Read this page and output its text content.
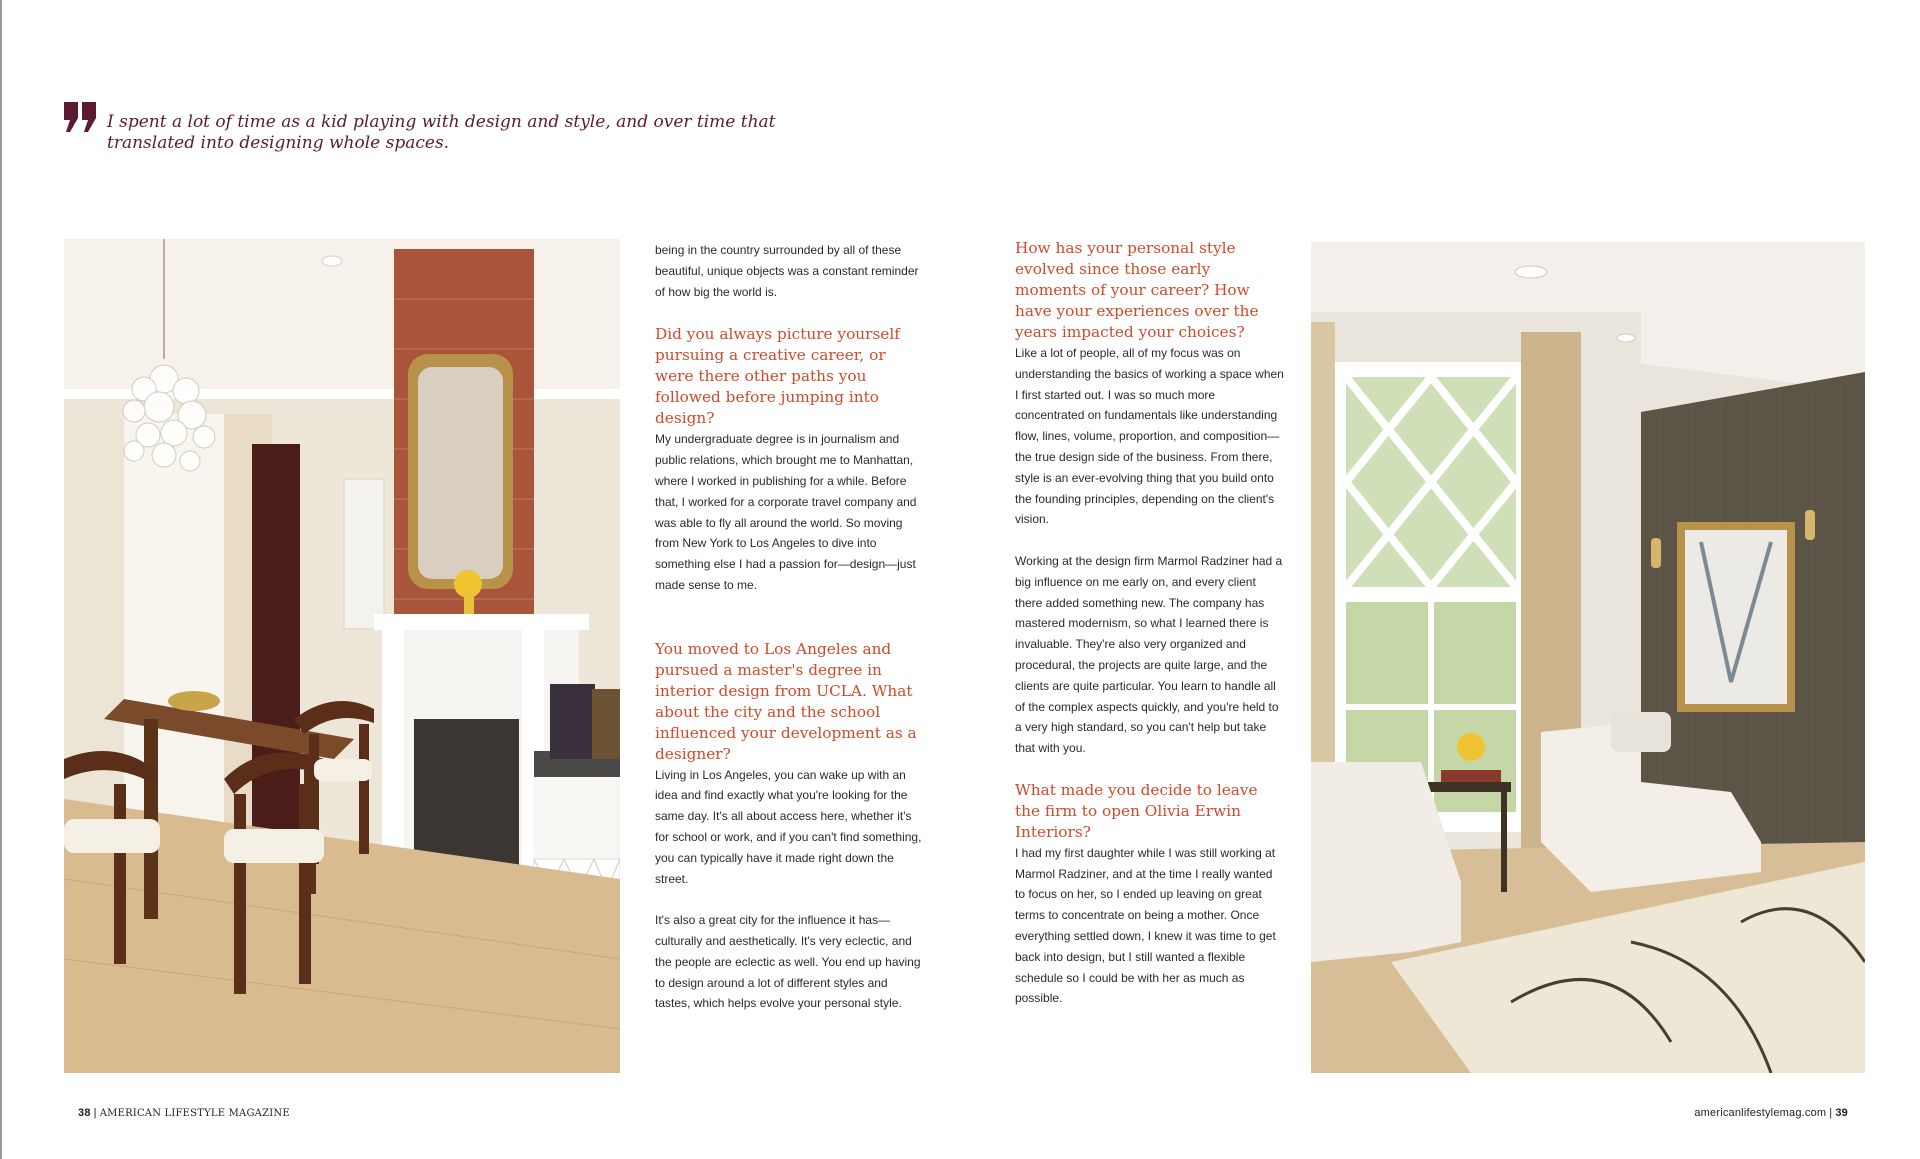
I spent a lot of time as a kid playing with design and style, and over time that translated into designing whole spaces.

being in the country surrounded by all of these beautiful, unique objects was a constant reminder of how big the world is.

Did you always picture yourself pursuing a creative career, or were there other paths you followed before jumping into design?

My undergraduate degree is in journalism and public relations, which brought me to Manhattan, where I worked in publishing for a while. Before that, I worked for a corporate travel company and was able to fly all around the world. So moving from New York to Los Angeles to dive into something else I had a passion for—design—just made sense to me.

You moved to Los Angeles and pursued a master's degree in interior design from UCLA. What about the city and the school influenced your development as a designer?

Living in Los Angeles, you can wake up with an idea and find exactly what you're looking for the same day. It's all about access here, whether it's for school or work, and if you can't find something, you can typically have it made right down the street.

It's also a great city for the influence it has—culturally and aesthetically. It's very eclectic, and the people are eclectic as well. You end up having to design around a lot of different styles and tastes, which helps evolve your personal style.

How has your personal style evolved since those early moments of your career? How have your experiences over the years impacted your choices?

Like a lot of people, all of my focus was on understanding the basics of working a space when I first started out. I was so much more concentrated on fundamentals like understanding flow, lines, volume, proportion, and composition—the true design side of the business. From there, style is an ever-evolving thing that you build onto the founding principles, depending on the client's vision.

Working at the design firm Marmol Radziner had a big influence on me early on, and every client there added something new. The company has mastered modernism, so what I learned there is invaluable. They're also very organized and procedural, the projects are quite large, and the clients are quite particular. You learn to handle all of the complex aspects quickly, and you're held to a very high standard, so you can't help but take that with you.

What made you decide to leave the firm to open Olivia Erwin Interiors?

I had my first daughter while I was still working at Marmol Radziner, and at the time I really wanted to focus on her, so I ended up leaving on great terms to concentrate on being a mother. Once everything settled down, I knew it was time to get back into design, but I still wanted a flexible schedule so I could be with her as much as possible.

38 | AMERICAN LIFESTYLE MAGAZINE	americanlifestylemag.com | 39
